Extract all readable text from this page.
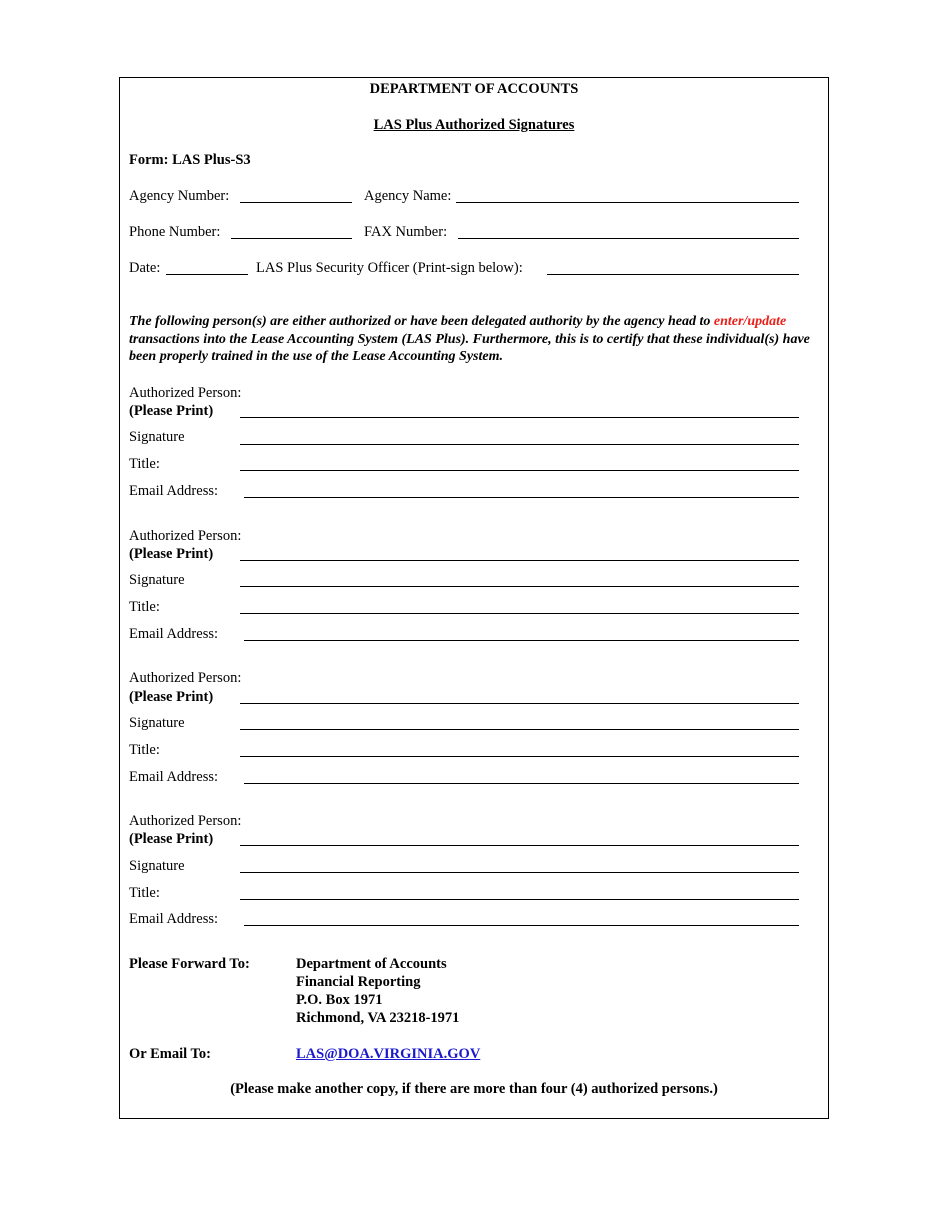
DEPARTMENT OF ACCOUNTS
LAS Plus Authorized Signatures
Form: LAS Plus-S3
Agency Number:	Agency Name:
Phone Number:	FAX Number:
Date:	LAS Plus Security Officer (Print-sign below):
The following person(s) are either authorized or have been delegated authority by the agency head to enter/update transactions into the Lease Accounting System (LAS Plus). Furthermore, this is to certify that these individual(s) have been properly trained in the use of the Lease Accounting System.
Authorized Person:
(Please Print)
Signature
Title:
Email Address:
Authorized Person:
(Please Print)
Signature
Title:
Email Address:
Authorized Person:
(Please Print)
Signature
Title:
Email Address:
Authorized Person:
(Please Print)
Signature
Title:
Email Address:
Please Forward To:	Department of Accounts
Financial Reporting
P.O. Box 1971
Richmond, VA 23218-1971
Or Email To:	LAS@DOA.VIRGINIA.GOV
(Please make another copy, if there are more than four (4) authorized persons.)
